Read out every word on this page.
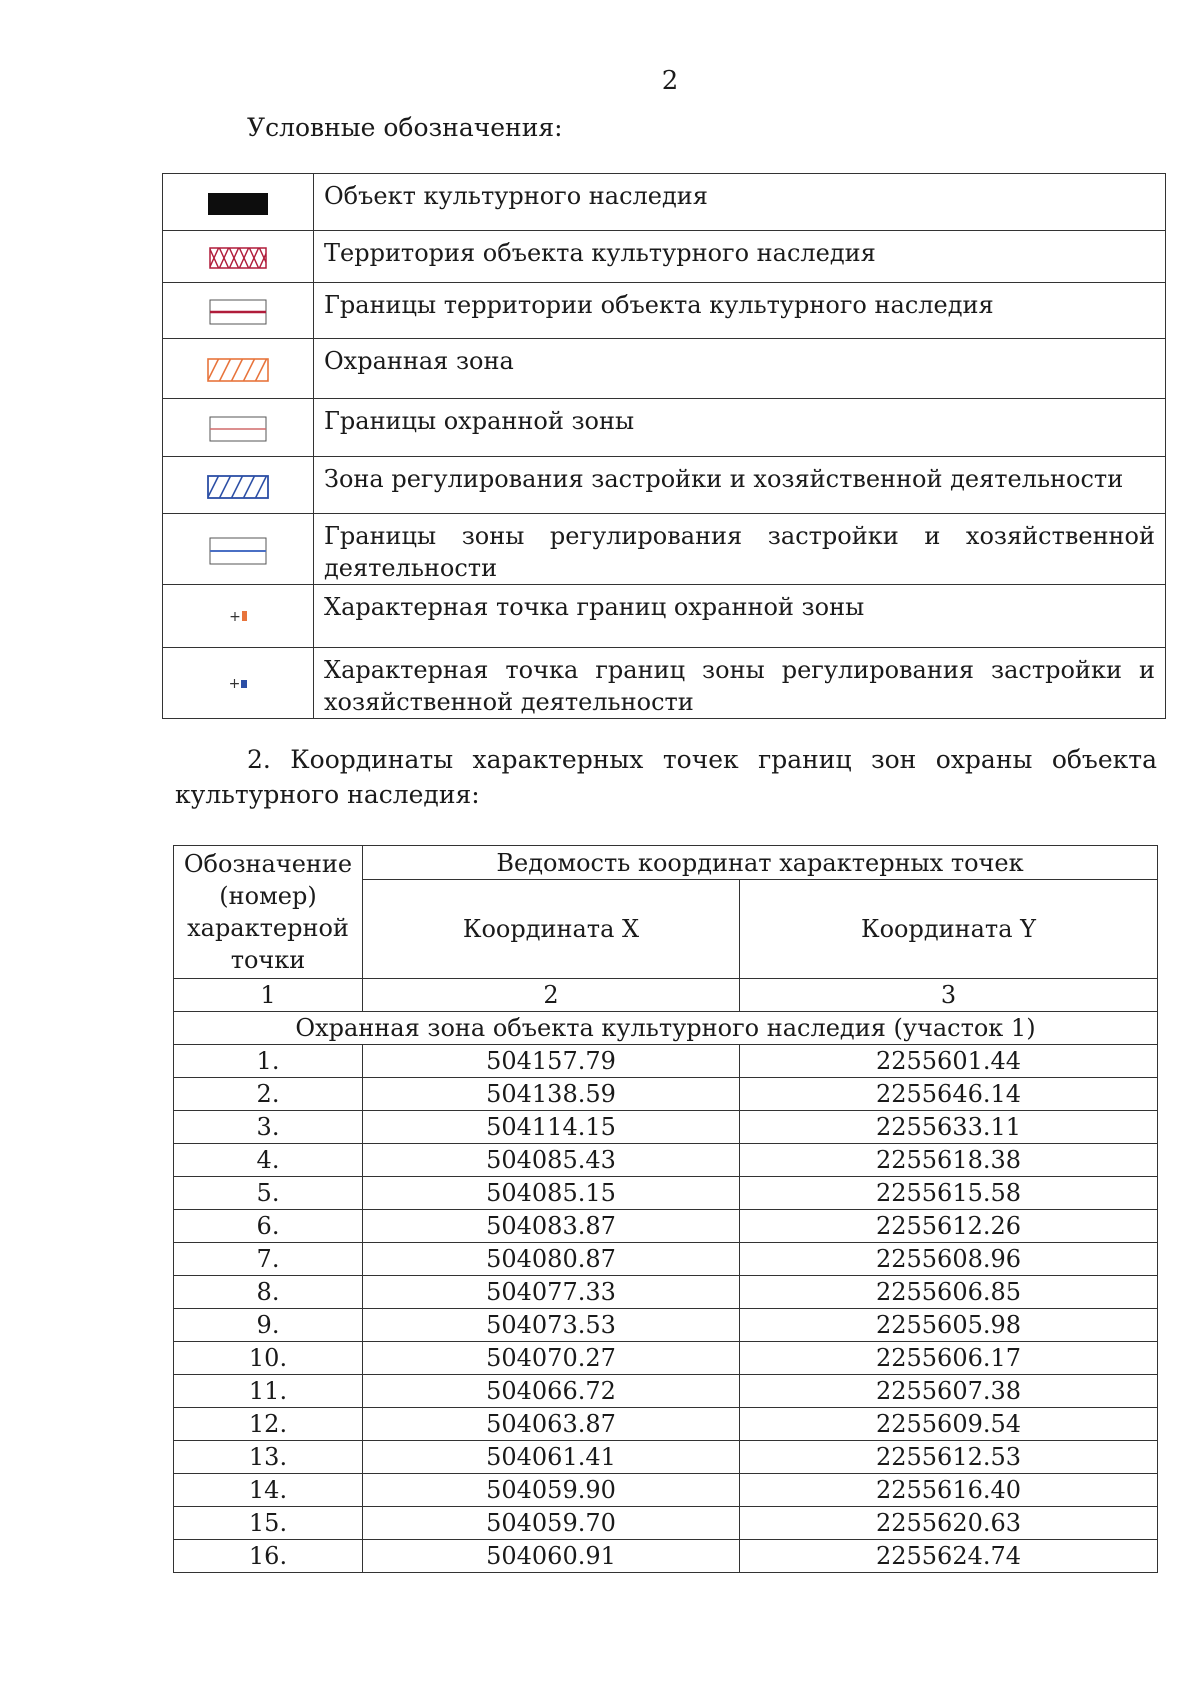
2
Условные обозначения:
	Объект культурного наследия
	Территория объекта культурного наследия
	Границы территории объекта культурного наследия
	Охранная зона
	Границы охранной зоны
	Зона регулирования застройки и хозяйственной деятельности
	Границы зоны регулирования застройки и хозяйственной деятельности
+	Характерная точка границ охранной зоны
+	Характерная точка границ зоны регулирования застройки и хозяйственной деятельности
2. Координаты характерных точек границ зон охраны объекта культурного наследия:
Обозначение (номер) характерной точки	Ведомость координат характерных точек	
	Координата X	Координата Y
1	2	3
Охранная зона объекта культурного наследия (участок 1)		
1.	504157.79	2255601.44
2.	504138.59	2255646.14
3.	504114.15	2255633.11
4.	504085.43	2255618.38
5.	504085.15	2255615.58
6.	504083.87	2255612.26
7.	504080.87	2255608.96
8.	504077.33	2255606.85
9.	504073.53	2255605.98
10.	504070.27	2255606.17
11.	504066.72	2255607.38
12.	504063.87	2255609.54
13.	504061.41	2255612.53
14.	504059.90	2255616.40
15.	504059.70	2255620.63
16.	504060.91	2255624.74
